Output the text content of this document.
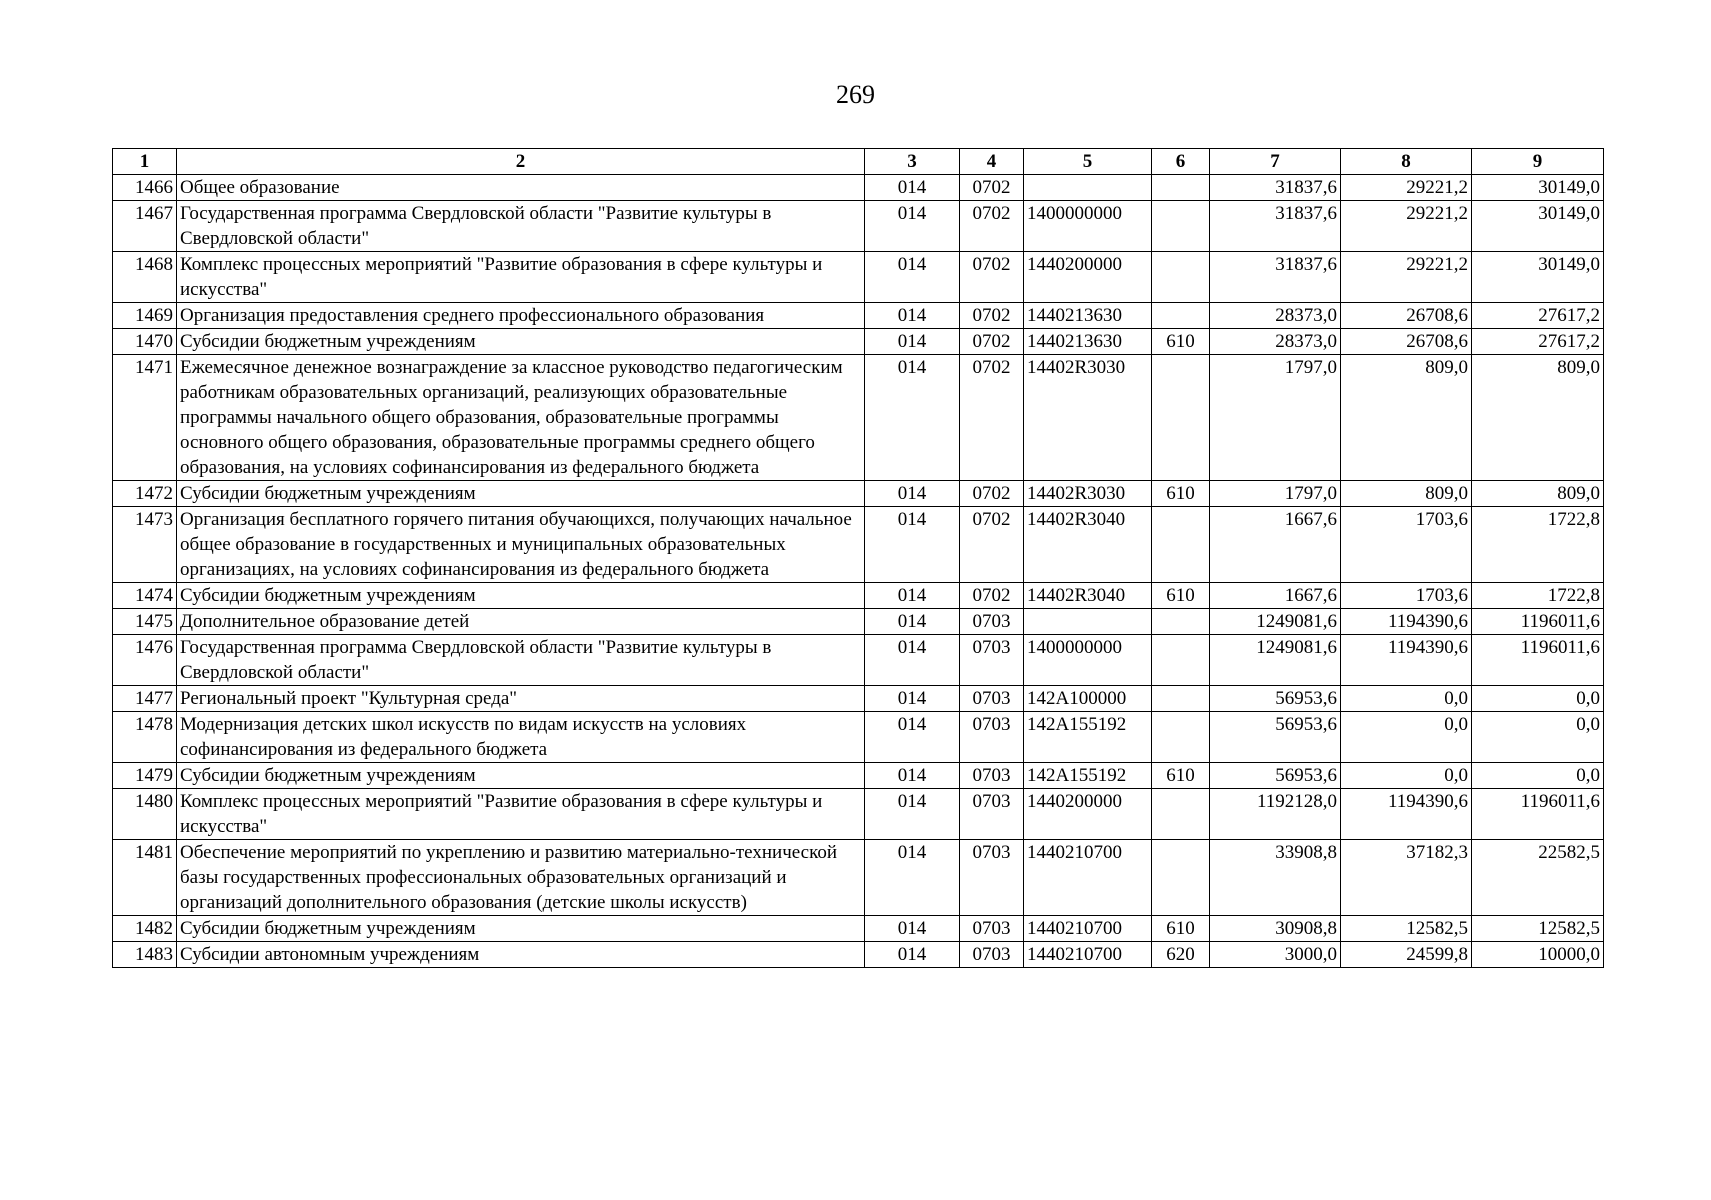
269
1	2	3	4	5	6	7	8	9
1466	Общее образование	014	0702			31837,6	29221,2	30149,0
1467	Государственная программа Свердловской области "Развитие культуры в Свердловской области"	014	0702	1400000000		31837,6	29221,2	30149,0
1468	Комплекс процессных мероприятий "Развитие образования в сфере культуры и искусства"	014	0702	1440200000		31837,6	29221,2	30149,0
1469	Организация предоставления среднего профессионального образования	014	0702	1440213630		28373,0	26708,6	27617,2
1470	Субсидии бюджетным учреждениям	014	0702	1440213630	610	28373,0	26708,6	27617,2
1471	Ежемесячное денежное вознаграждение за классное руководство педагогическим работникам образовательных организаций, реализующих образовательные программы начального общего образования, образовательные программы основного общего образования, образовательные программы среднего общего образования, на условиях софинансирования из федерального бюджета	014	0702	14402R3030		1797,0	809,0	809,0
1472	Субсидии бюджетным учреждениям	014	0702	14402R3030	610	1797,0	809,0	809,0
1473	Организация бесплатного горячего питания обучающихся, получающих начальное общее образование в государственных и муниципальных образовательных организациях, на условиях софинансирования из федерального бюджета	014	0702	14402R3040		1667,6	1703,6	1722,8
1474	Субсидии бюджетным учреждениям	014	0702	14402R3040	610	1667,6	1703,6	1722,8
1475	Дополнительное образование детей	014	0703			1249081,6	1194390,6	1196011,6
1476	Государственная программа Свердловской области "Развитие культуры в Свердловской области"	014	0703	1400000000		1249081,6	1194390,6	1196011,6
1477	Региональный проект "Культурная среда"	014	0703	142А100000		56953,6	0,0	0,0
1478	Модернизация детских школ искусств по видам искусств на условиях софинансирования из федерального бюджета	014	0703	142А155192		56953,6	0,0	0,0
1479	Субсидии бюджетным учреждениям	014	0703	142А155192	610	56953,6	0,0	0,0
1480	Комплекс процессных мероприятий "Развитие образования в сфере культуры и искусства"	014	0703	1440200000		1192128,0	1194390,6	1196011,6
1481	Обеспечение мероприятий по укреплению и развитию материально-технической базы государственных профессиональных образовательных организаций и организаций дополнительного образования (детские школы искусств)	014	0703	1440210700		33908,8	37182,3	22582,5
1482	Субсидии бюджетным учреждениям	014	0703	1440210700	610	30908,8	12582,5	12582,5
1483	Субсидии автономным учреждениям	014	0703	1440210700	620	3000,0	24599,8	10000,0
